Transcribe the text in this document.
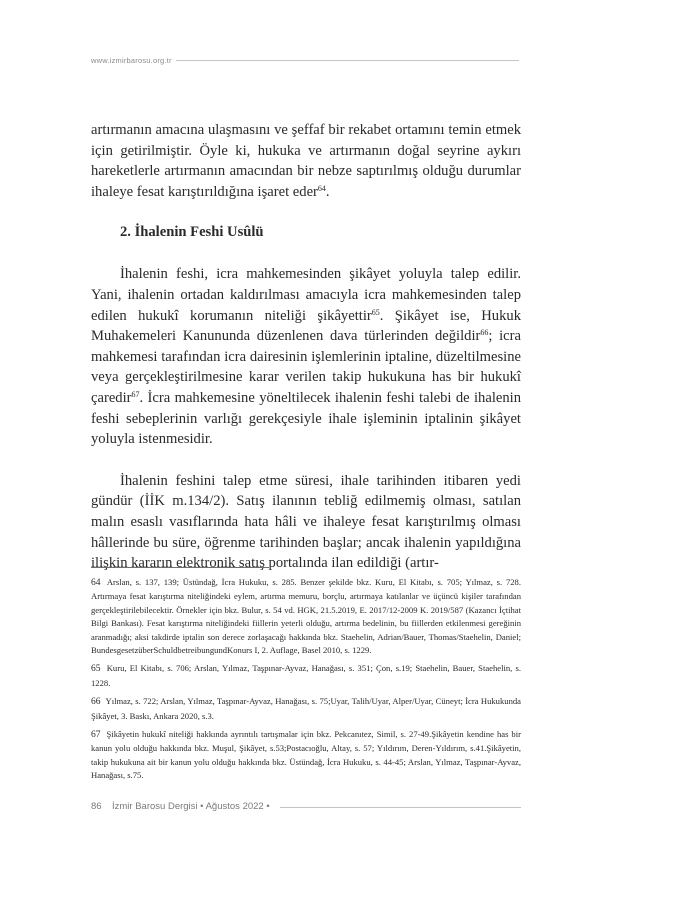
www.izmirbarosu.org.tr

artırmanın amacına ulaşmasını ve şeffaf bir rekabet ortamını temin etmek için getirilmiştir. Öyle ki, hukuka ve artırmanın doğal seyrine aykırı hareketlerle artırmanın amacından bir nebze saptırılmış olduğu durumlar ihaleye fesat karıştırıldığına işaret eder$^{64}$.

2. İhalenin Feshi Usûlü

İhalenin feshi, icra mahkemesinden şikâyet yoluyla talep edilir. Yani, ihalenin ortadan kaldırılması amacıyla icra mahkemesinden talep edilen hukukî korumanın niteliği şikâyettir$^{65}$. Şikâyet ise, Hukuk Muhakemeleri Kanununda düzenlenen dava türlerinden değildir$^{66}$; icra mahkemesi tarafından icra dairesinin işlemlerinin iptaline, düzeltilmesine veya gerçekleştirilmesine karar verilen takip hukukuna has bir hukukî çaredir$^{67}$. İcra mahkemesine yöneltilecek ihalenin feshi talebi de ihalenin feshi sebeplerinin varlığı gerekçesiyle ihale işleminin iptalinin şikâyet yoluyla istenmesidir.

İhalenin feshini talep etme süresi, ihale tarihinden itibaren yedi gündür (İİK m.134/2). Satış ilanının tebliğ edilmemiş olması, satılan malın esaslı vasıflarında hata hâli ve ihaleye fesat karıştırılmış olması hâllerinde bu süre, öğrenme tarihinden başlar; ancak ihalenin yapıldığına ilişkin kararın elektronik satış portalında ilan edildiği (artır-

64 Arslan, s. 137, 139; Üstündağ, İcra Hukuku, s. 285. Benzer şekilde bkz. Kuru, El Kitabı, s. 705; Yılmaz, s. 728. Artırmaya fesat karıştırma niteliğindeki eylem, artırma memuru, borçlu, artırmaya katılanlar ve üçüncü kişiler tarafından gerçekleştirilebilecektir. Örnekler için bkz. Bulur, s. 54 vd. HGK, 21.5.2019, E. 2017/12-2009 K. 2019/587 (Kazancı İçtihat Bilgi Bankası). Fesat karıştırma niteliğindeki fiillerin yeterli olduğu, artırma bedelinin, bu fiillerden etkilenmesi gereğinin aranmadığı; aksi takdirde iptalin son derece zorlaşacağı hakkında bkz. Staehelin, Adrian/Bauer, Thomas/Staehelin, Daniel; BundesgesetzüberSchuldbetreibungundKonurs I, 2. Auflage, Basel 2010, s. 1229.

65 Kuru, El Kitabı, s. 706; Arslan, Yılmaz, Taşpınar-Ayvaz, Hanağası, s. 351; Çon, s.19; Staehelin, Bauer, Staehelin, s. 1228.

66 Yılmaz, s. 722; Arslan, Yılmaz, Taşpınar-Ayvaz, Hanağası, s. 75;Uyar, Talih/Uyar, Alper/Uyar, Cüneyt; İcra Hukukunda Şikâyet, 3. Baskı, Ankara 2020, s.3.

67 Şikâyetin hukukî niteliği hakkında ayrıntılı tartışmalar için bkz. Pekcanıtez, Simil, s. 27-49.Şikâyetin kendine has bir kanun yolu olduğu hakkında bkz. Muşul, Şikâyet, s.53;Postacıoğlu, Altay, s. 57; Yıldırım, Deren-Yıldırım, s.41.Şikâyetin, takip hukukuna ait bir kanun yolu olduğu hakkında bkz. Üstündağ, İcra Hukuku, s. 44-45; Arslan, Yılmaz, Taşpınar-Ayvaz, Hanağası, s.75.

86 İzmir Barosu Dergisi • Ağustos 2022 •
